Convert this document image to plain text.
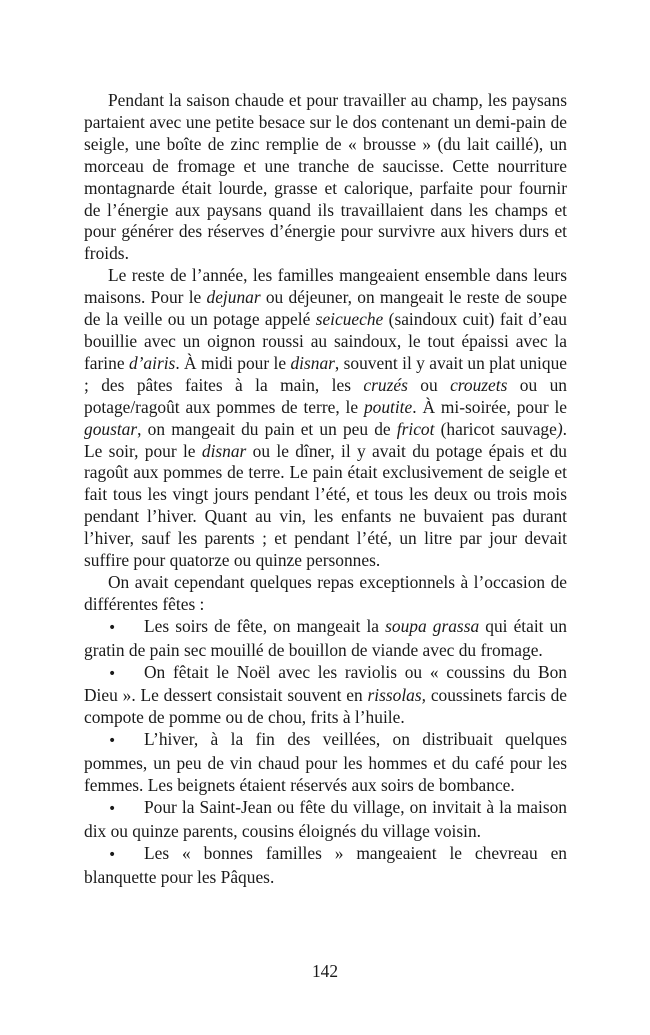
Pendant la saison chaude et pour travailler au champ, les paysans partaient avec une petite besace sur le dos contenant un demi-pain de seigle, une boîte de zinc remplie de « brousse » (du lait caillé), un morceau de fromage et une tranche de saucisse. Cette nourriture montagnarde était lourde, grasse et calorique, parfaite pour fournir de l’énergie aux paysans quand ils travaillaient dans les champs et pour générer des réserves d’énergie pour survivre aux hivers durs et froids.

Le reste de l’année, les familles mangeaient ensemble dans leurs maisons. Pour le dejunar ou déjeuner, on mangeait le reste de soupe de la veille ou un potage appelé seicueche (saindoux cuit) fait d’eau bouillie avec un oignon roussi au saindoux, le tout épaissi avec la farine d’airis. À midi pour le disnar, souvent il y avait un plat unique ; des pâtes faites à la main, les cruzés ou crouzets ou un potage/ragoût aux pommes de terre, le poutite. À mi-soirée, pour le goustar, on mangeait du pain et un peu de fricot (haricot sauvage). Le soir, pour le disnar ou le dîner, il y avait du potage épais et du ragoût aux pommes de terre. Le pain était exclusivement de seigle et fait tous les vingt jours pendant l’été, et tous les deux ou trois mois pendant l’hiver. Quant au vin, les enfants ne buvaient pas durant l’hiver, sauf les parents ; et pendant l’été, un litre par jour devait suffire pour quatorze ou quinze personnes.

On avait cependant quelques repas exceptionnels à l’occasion de différentes fêtes :

•Les soirs de fête, on mangeait la soupa grassa qui était un gratin de pain sec mouillé de bouillon de viande avec du fromage.

•On fêtait le Noël avec les raviolis ou « coussins du Bon Dieu ». Le dessert consistait souvent en rissolas, coussinets farcis de compote de pomme ou de chou, frits à l’huile.

•L’hiver, à la fin des veillées, on distribuait quelques pommes, un peu de vin chaud pour les hommes et du café pour les femmes. Les beignets étaient réservés aux soirs de bombance.

•Pour la Saint-Jean ou fête du village, on invitait à la maison dix ou quinze parents, cousins éloignés du village voisin.

•Les « bonnes familles » mangeaient le chevreau en blanquette pour les Pâques.

142
